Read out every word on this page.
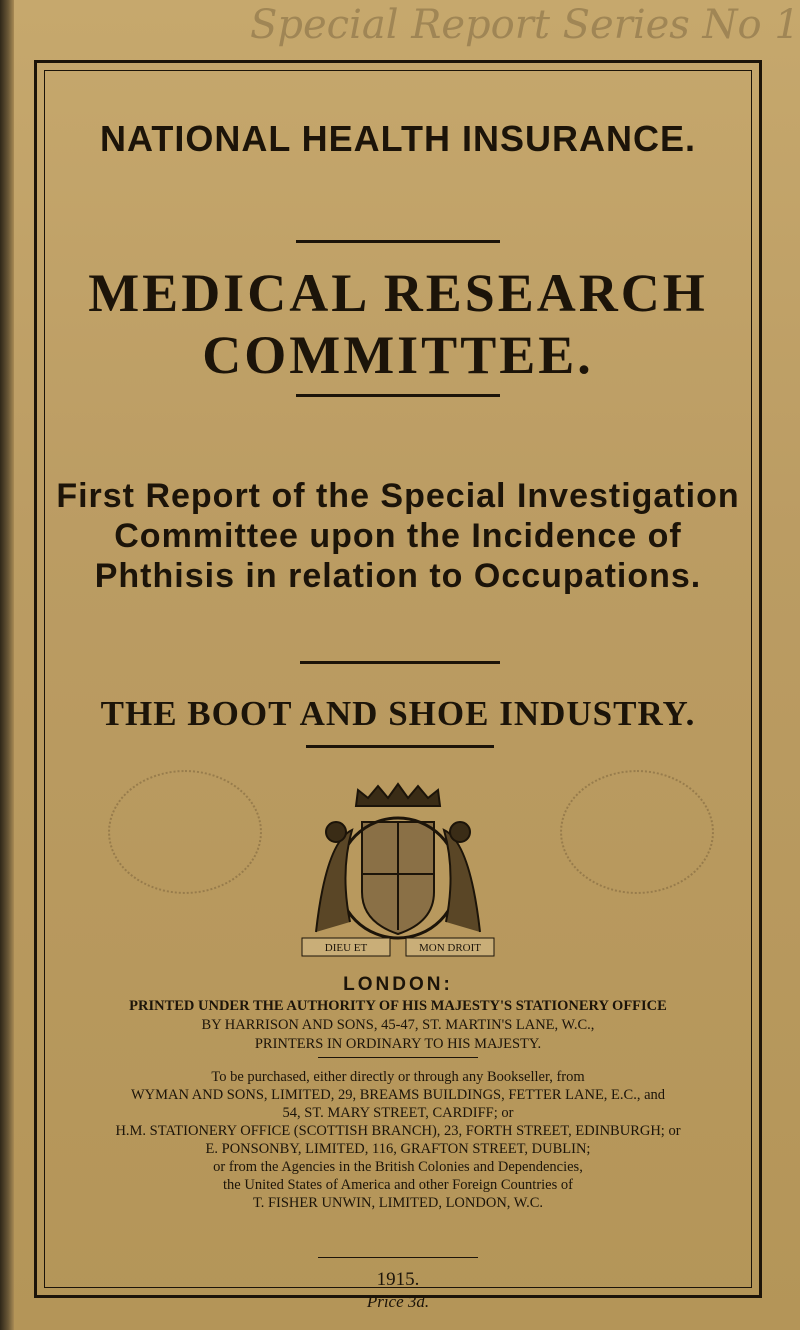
Special Report Series No 1
NATIONAL HEALTH INSURANCE.
MEDICAL RESEARCH
COMMITTEE.
First Report of the Special Investigation
Committee upon the Incidence of
Phthisis in relation to Occupations.
THE BOOT AND SHOE INDUSTRY.
DIEU ET	MON DROIT
LONDON:
PRINTED UNDER THE AUTHORITY OF HIS MAJESTY'S STATIONERY OFFICE
BY HARRISON AND SONS, 45-47, ST. MARTIN'S LANE, W.C.,
PRINTERS IN ORDINARY TO HIS MAJESTY.
To be purchased, either directly or through any Bookseller, from
WYMAN AND SONS, LIMITED, 29, BREAMS BUILDINGS, FETTER LANE, E.C., and
54, ST. MARY STREET, CARDIFF; or
H.M. STATIONERY OFFICE (SCOTTISH BRANCH), 23, FORTH STREET, EDINBURGH; or
E. PONSONBY, LIMITED, 116, GRAFTON STREET, DUBLIN;
or from the Agencies in the British Colonies and Dependencies,
the United States of America and other Foreign Countries of
T. FISHER UNWIN, LIMITED, LONDON, W.C.
1915.
Price 3d.
